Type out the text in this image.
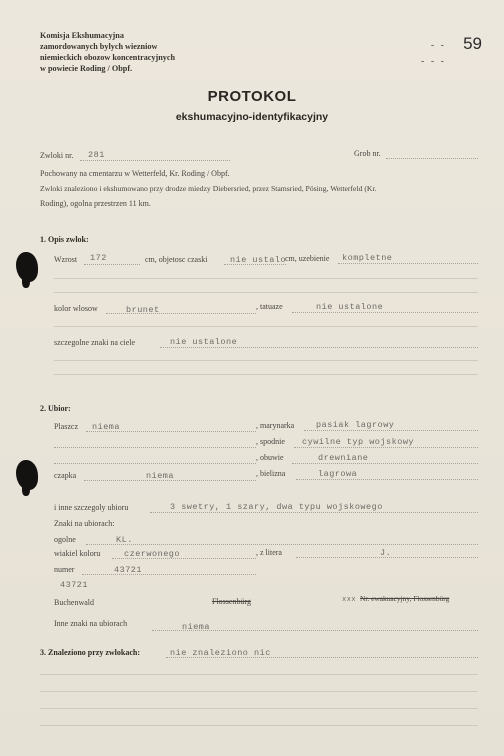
Komisja Ekshumacyjna
zamordowanych bylych wiezniow
niemieckich obozow koncentracyjnych
w powiecie Roding / Obpf.
- -
- - -
59
PROTOKOL
ekshumacyjno-identyfikacyjny
Zwloki nr. 281	Grob nr.
Pochowany na cmentarzu w Wetterfeld, Kr. Roding / Obpf.
Zwloki znaleziono i ekshumowano przy drodze miedzy Diebersried, przez Stamsried, Pösing, Wetterfeld (Kr.
Roding), ogolna przestrzen 11 km.
1. Opis zwlok:
Wzrost 172	cm, objetosc czaski	nie ustalo
cm, uzebienie kompletne
kolor wlosow	brunet	, tatuaze	nie ustalone
szczegolne znaki na ciele	nie ustalone
2. Ubior:
Plaszcz niema	, marynarka	pasiak lagrowy
, spodnie cywilne typ wojskowy
, obuwie	drewniane
czapka	niema	, bielizna	lagrowa
i inne szczegoly ubioru	3 swetry, 1 szary, dwa typu wojskowego
Znaki na ubiorach:
ogolne	KL.
wiakiel koloru	czerwonego	, z litera	J.
numer	43721
43721
Buchenwald	Flossenbürg	xxx Nr. ewakuacyjny, Flossenbürg
Inne znaki na ubiorach	niema
3. Znaleziono przy zwlokach:	nie znaleziono nic
